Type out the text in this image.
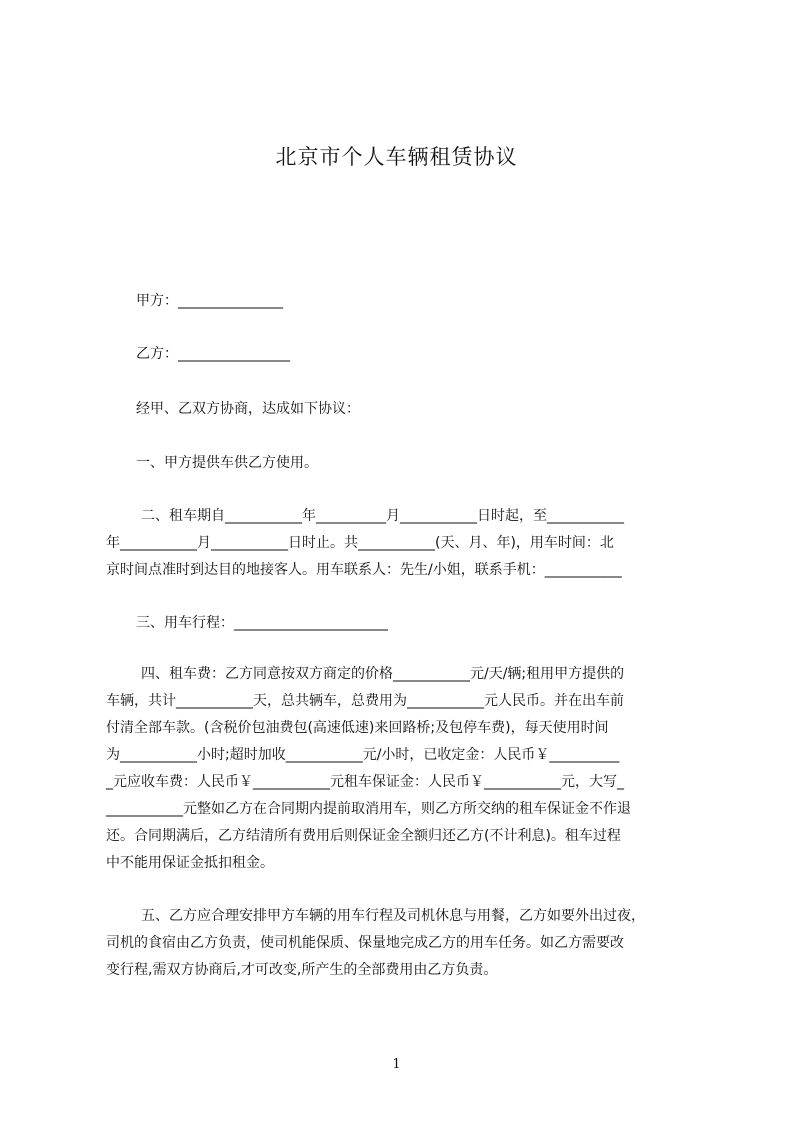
北京市个人车辆租赁协议
甲方：_______________
乙方：________________
经甲、乙双方协商，达成如下协议：
一、甲方提供车供乙方使用。
二、租车期自___________年__________月___________日时起，至___________
年___________月___________日时止。共___________(天、月、年)，用车时间：北
京时间点准时到达目的地接客人。用车联系人：先生/小姐，联系手机：___________
三、用车行程：______________________
四、租车费：乙方同意按双方商定的价格___________元/天/辆;租用甲方提供的
车辆，共计___________天，总共辆车，总费用为___________元人民币。并在出车前
付清全部车款。(含税价包油费包(高速低速)来回路桥;及包停车费)，每天使用时间
为___________小时;超时加收___________元/小时，已收定金：人民币￥__________
_元应收车费：人民币￥___________元租车保证金：人民币￥___________元，大写_
___________元整如乙方在合同期内提前取消用车，则乙方所交纳的租车保证金不作退
还。合同期满后，乙方结清所有费用后则保证金全额归还乙方(不计利息)。租车过程
中不能用保证金抵扣租金。
五、乙方应合理安排甲方车辆的用车行程及司机休息与用餐，乙方如要外出过夜，
司机的食宿由乙方负责，使司机能保质、保量地完成乙方的用车任务。如乙方需要改
变行程,需双方协商后,才可改变,所产生的全部费用由乙方负责。
1
